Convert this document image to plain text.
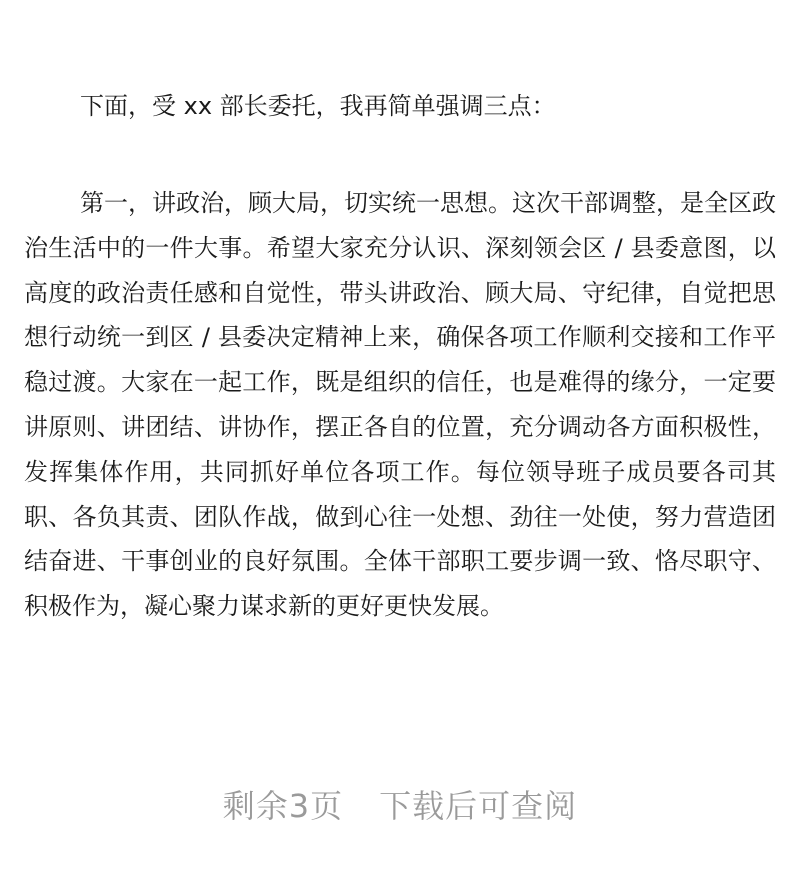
下面，受 xx 部长委托，我再简单强调三点：

第一，讲政治，顾大局，切实统一思想。这次干部调整，是全区政治生活中的一件大事。希望大家充分认识、深刻领会区 / 县委意图，以高度的政治责任感和自觉性，带头讲政治、顾大局、守纪律，自觉把思想行动统一到区 / 县委决定精神上来，确保各项工作顺利交接和工作平稳过渡。大家在一起工作，既是组织的信任，也是难得的缘分，一定要讲原则、讲团结、讲协作，摆正各自的位置，充分调动各方面积极性，发挥集体作用，共同抓好单位各项工作。每位领导班子成员要各司其职、各负其责、团队作战，做到心往一处想、劲往一处使，努力营造团结奋进、干事创业的良好氛围。全体干部职工要步调一致、恪尽职守、积极作为，凝心聚力谋求新的更好更快发展。

剩余3页 下载后可查阅
